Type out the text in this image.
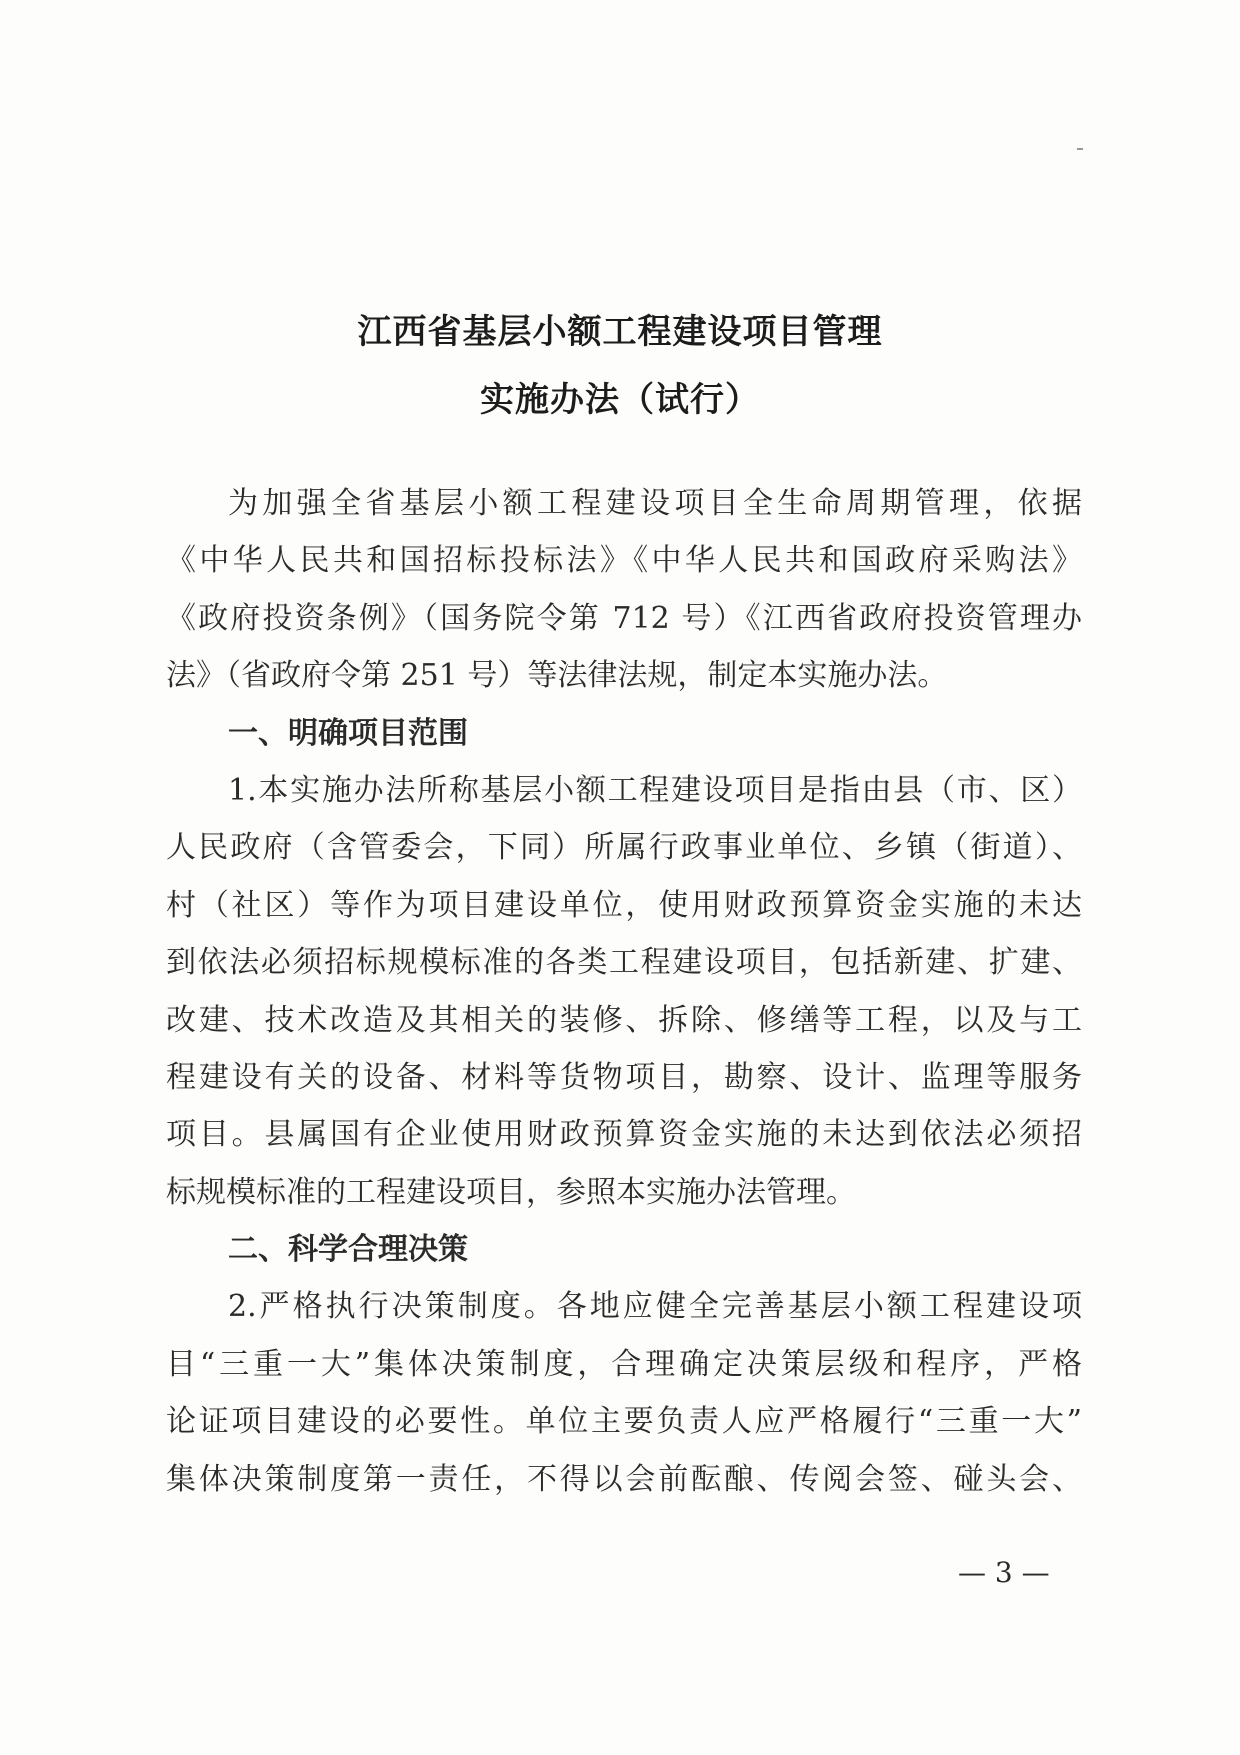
江西省基层小额工程建设项目管理
实施办法（试行）
为加强全省基层小额工程建设项目全生命周期管理，依据
《中华人民共和国招标投标法》《中华人民共和国政府采购法》
《政府投资条例》（国务院令第 712 号）《江西省政府投资管理办
法》（省政府令第 251 号）等法律法规，制定本实施办法。
一、明确项目范围
1.本实施办法所称基层小额工程建设项目是指由县（市、区）
人民政府（含管委会，下同）所属行政事业单位、乡镇（街道）、
村（社区）等作为项目建设单位，使用财政预算资金实施的未达
到依法必须招标规模标准的各类工程建设项目，包括新建、扩建、
改建、技术改造及其相关的装修、拆除、修缮等工程，以及与工
程建设有关的设备、材料等货物项目，勘察、设计、监理等服务
项目。县属国有企业使用财政预算资金实施的未达到依法必须招
标规模标准的工程建设项目，参照本实施办法管理。
二、科学合理决策
2.严格执行决策制度。各地应健全完善基层小额工程建设项
目“三重一大”集体决策制度，合理确定决策层级和程序，严格
论证项目建设的必要性。单位主要负责人应严格履行“三重一大”
集体决策制度第一责任，不得以会前酝酿、传阅会签、碰头会、
— 3 —
